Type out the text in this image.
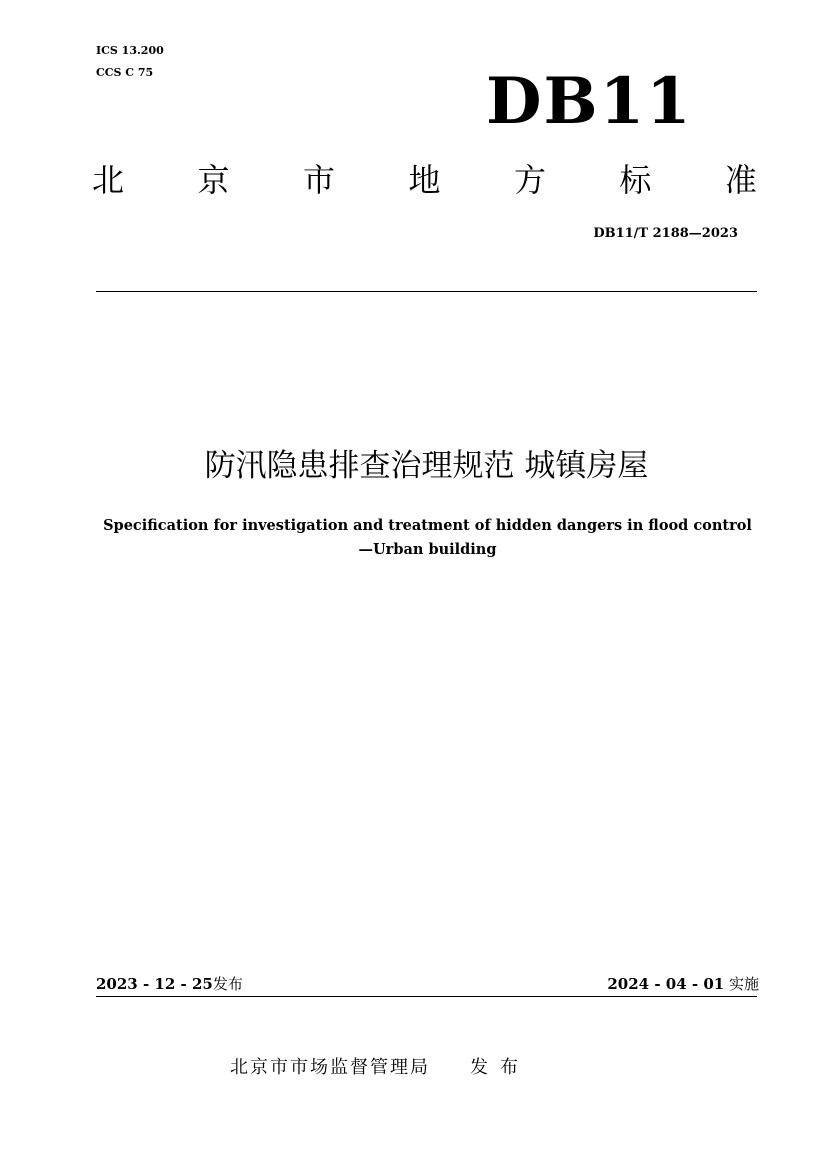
ICS 13.200
CCS C 75	DB11
北 京 市 地 方 标 准
DB11/T 2188—2023
防汛隐患排查治理规范 城镇房屋
Specification for investigation and treatment of hidden dangers in flood control—Urban building
2023 - 12 - 25发布	2024 - 04 - 01 实施
北京市市场监督管理局 发布
